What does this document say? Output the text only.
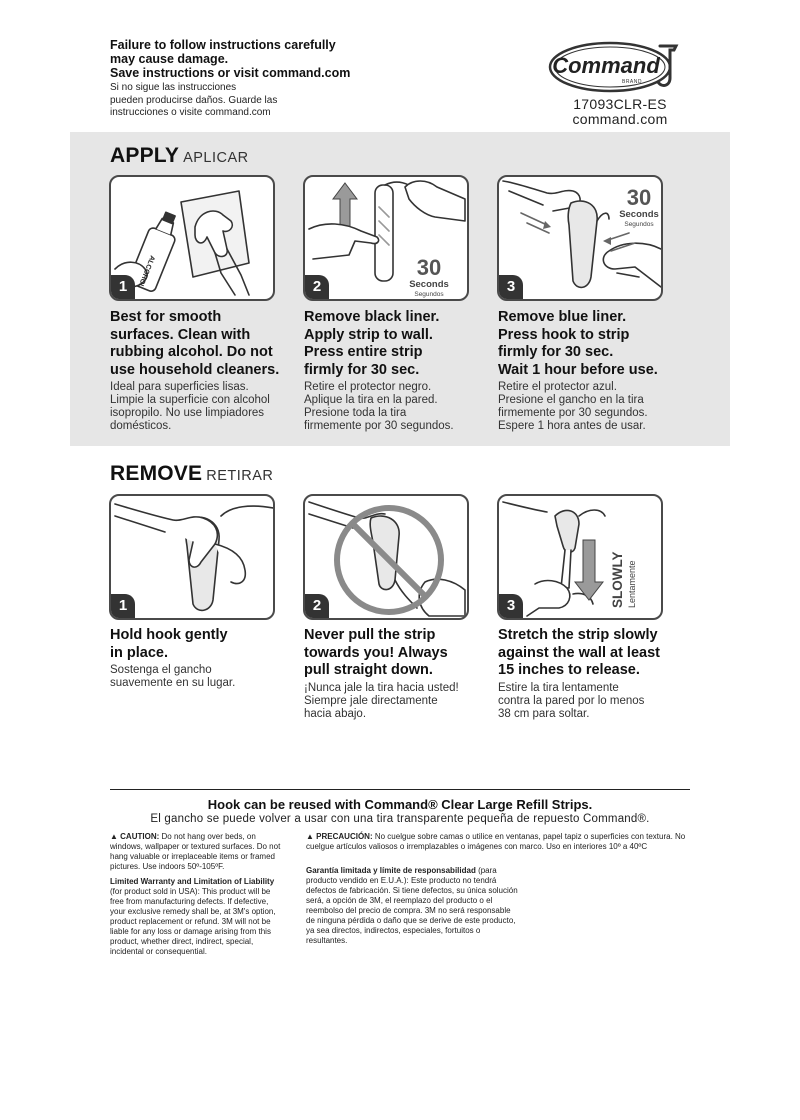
Failure to follow instructions carefully
may cause damage.
Save instructions or visit command.com
Si no sigue las instrucciones
pueden producirse daños. Guarde las
instrucciones o visite command.com
Command
BRAND
17093CLR-ES
command.com
APPLY APLICAR
ALCOHOL
1
30
Seconds
Segundos
2
30
Seconds
Segundos
3
Best for smooth
surfaces. Clean with
rubbing alcohol. Do not
use household cleaners.
Ideal para superficies lisas.
Limpie la superficie con alcohol
isopropilo. No use limpiadores
domésticos.
Remove black liner.
Apply strip to wall.
Press entire strip
firmly for 30 sec.
Retire el protector negro.
Aplique la tira en la pared.
Presione toda la tira
firmemente por 30 segundos.
Remove blue liner.
Press hook to strip
firmly for 30 sec.
Wait 1 hour before use.
Retire el protector azul.
Presione el gancho en la tira
firmemente por 30 segundos.
Espere 1 hora antes de usar.
REMOVE RETIRAR
1	2	SLOWLY Lentamente
3
Hold hook gently
in place.
Sostenga el gancho
suavemente en su lugar.
Never pull the strip
towards you! Always
pull straight down.
¡Nunca jale la tira hacia usted!
Siempre jale directamente
hacia abajo.
Stretch the strip slowly
against the wall at least
15 inches to release.
Estire la tira lentamente
contra la pared por lo menos
38 cm para soltar.
Hook can be reused with Command® Clear Large Refill Strips.
El gancho se puede volver a usar con una tira transparente pequeña de repuesto Command®.

▲ CAUTION: Do not hang over beds, on windows, wallpaper or textured surfaces. Do not hang valuable or irreplaceable items or framed pictures. Use indoors 50º-105ºF.

Limited Warranty and Limitation of Liability (for product sold in USA): This product will be free from manufacturing defects. If defective, your exclusive remedy shall be, at 3M's option, product replacement or refund. 3M will not be liable for any loss or damage arising from this product, whether direct, indirect, special, incidental or consequential.

▲ PRECAUCIÓN: No cuelgue sobre camas o utilice en ventanas, papel tapiz o superficies con textura. No cuelgue artículos valiosos o irremplazables o imágenes con marco. Uso en interiores 10º a 40ºC

Garantía limitada y límite de responsabilidad (para producto vendido en E.U.A.): Este producto no tendrá defectos de fabricación. Si tiene defectos, su única solución será, a opción de 3M, el reemplazo del producto o el reembolso del precio de compra. 3M no será responsable de ninguna pérdida o daño que se derive de este producto, ya sea directos, indirectos, especiales, fortuitos o resultantes.
